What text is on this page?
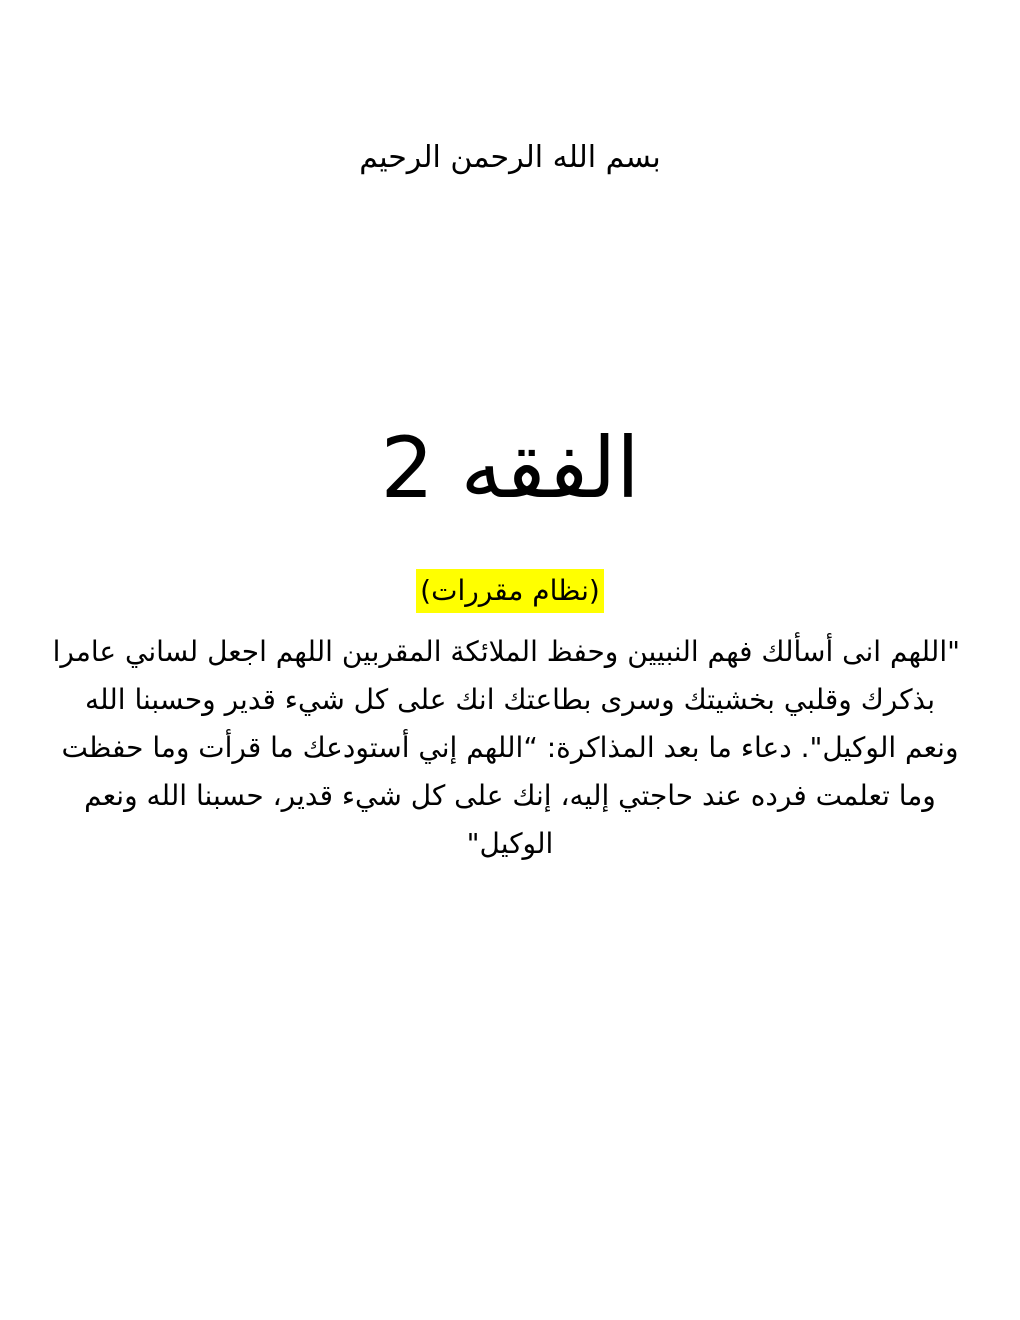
بسم الله الرحمن الرحيم
الفقه 2
(نظام مقررات)
"اللهم انى أسألك فهم النبيين وحفظ الملائكة المقربين اللهم اجعل لساني عامرا
بذكرك وقلبي بخشيتك وسرى بطاعتك انك على كل شيء قدير وحسبنا الله
ونعم الوكيل". دعاء ما بعد المذاكرة: “اللهم إني أستودعك ما قرأت وما حفظت
وما تعلمت فرده عند حاجتي إليه، إنك على كل شيء قدير، حسبنا الله ونعم
الوكيل"
